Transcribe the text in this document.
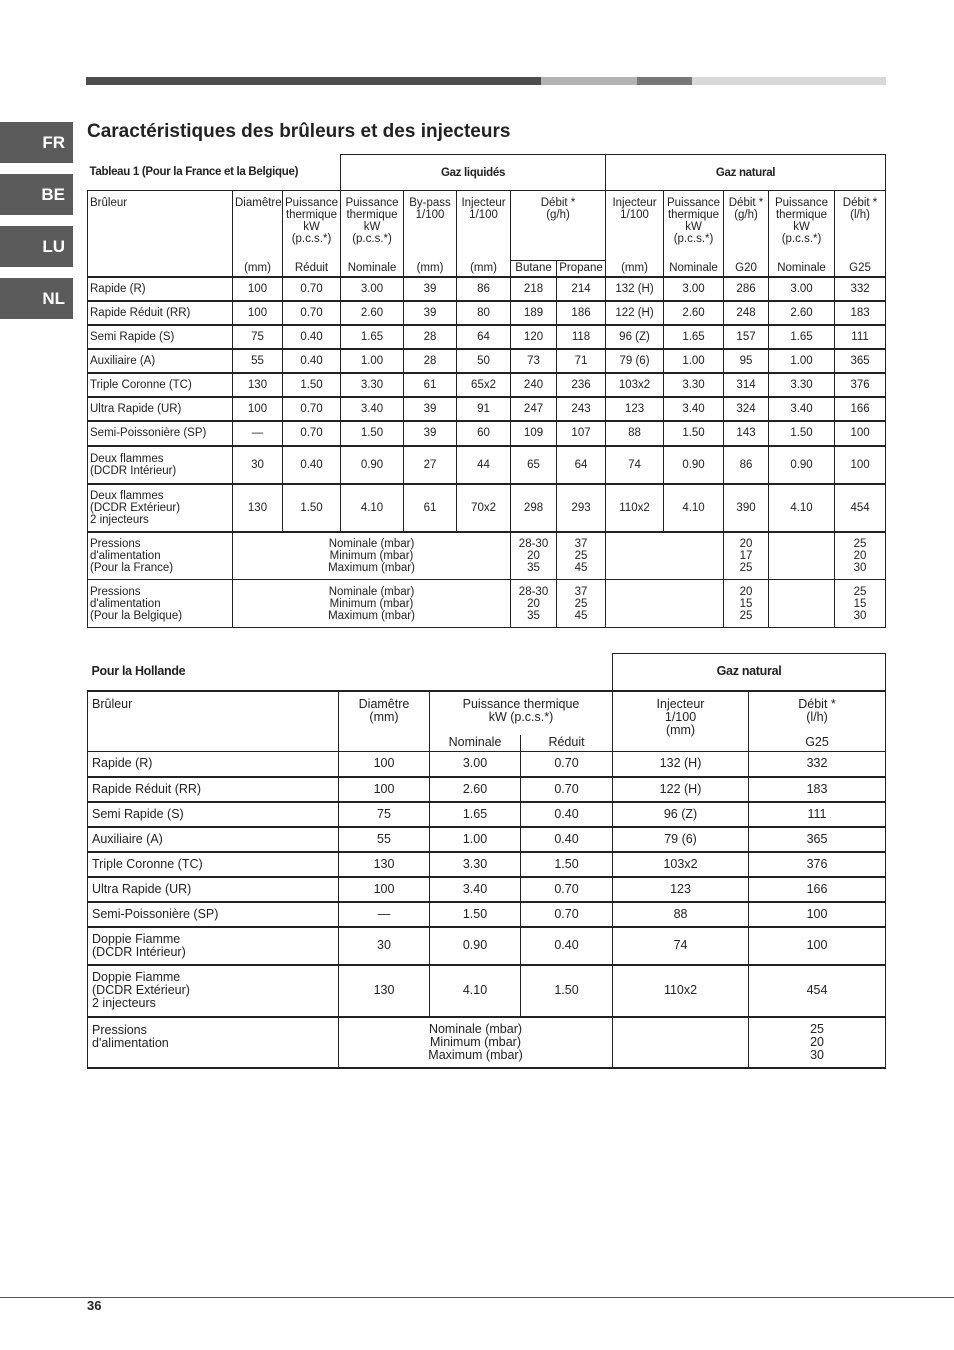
FR
BE
LU
NL
Caractéristiques des brûleurs et des injecteurs
Tableau 1 (Pour la France et la Belgique)			Gaz liquidés					Gaz natural				
Brûleur	Diamêtre	Puissance
thermique
kW
(p.c.s.*)	Puissance
thermique
kW
(p.c.s.*)	By-pass
1/100	Injecteur
1/100	Débit *
(g/h)		Injecteur
1/100	Puissance
thermique
kW
(p.c.s.*)	Débit *
(g/h)	Puissance
thermique
kW
(p.c.s.*)	Débit *
(l/h)
	(mm)	Réduit	Nominale	(mm)	(mm)	Butane	Propane	(mm)	Nominale	G20	Nominale	G25
Rapide (R)	100	0.70	3.00	39	86	218	214	132 (H)	3.00	286	3.00	332
Rapide Réduit (RR)	100	0.70	2.60	39	80	189	186	122 (H)	2.60	248	2.60	183
Semi Rapide (S)	75	0.40	1.65	28	64	120	118	96 (Z)	1.65	157	1.65	111
Auxiliaire (A)	55	0.40	1.00	28	50	73	71	79 (6)	1.00	95	1.00	365
Triple Coronne (TC)	130	1.50	3.30	61	65x2	240	236	103x2	3.30	314	3.30	376
Ultra Rapide (UR)	100	0.70	3.40	39	91	247	243	123	3.40	324	3.40	166
Semi-Poissonière (SP)	—	0.70	1.50	39	60	109	107	88	1.50	143	1.50	100
Deux flammes
(DCDR Intérieur)	30	0.40	0.90	27	44	65	64	74	0.90	86	0.90	100
Deux flammes
(DCDR Extérieur)
2 injecteurs	130	1.50	4.10	61	70x2	298	293	110x2	4.10	390	4.10	454
Pressions
d'alimentation
(Pour la France)	Nominale (mbar)
Minimum (mbar)
Maximum (mbar)					28-30
20
35	37
25
45			20
17
25		25
20
30
Pressions
d'alimentation
(Pour la Belgique)	Nominale (mbar)
Minimum (mbar)
Maximum (mbar)					28-30
20
35	37
25
45			20
15
25		25
15
30
Pour la Hollande				Gaz natural	
Brûleur	Diamêtre
(mm)	Puissance thermique
kW (p.c.s.*)		Injecteur
1/100
(mm)	Débit *
(l/h)
		Nominale	Réduit		G25
Rapide (R)	100	3.00	0.70	132 (H)	332
Rapide Réduit (RR)	100	2.60	0.70	122 (H)	183
Semi Rapide (S)	75	1.65	0.40	96 (Z)	111
Auxiliaire (A)	55	1.00	0.40	79 (6)	365
Triple Coronne (TC)	130	3.30	1.50	103x2	376
Ultra Rapide (UR)	100	3.40	0.70	123	166
Semi-Poissonière (SP)	—	1.50	0.70	88	100
Doppie Fiamme
(DCDR Intérieur)	30	0.90	0.40	74	100
Doppie Fiamme
(DCDR Extérieur)
2 injecteurs	130	4.10	1.50	110x2	454
Pressions
d'alimentation	Nominale (mbar)
Minimum (mbar)
Maximum (mbar)				25
20
30
36
